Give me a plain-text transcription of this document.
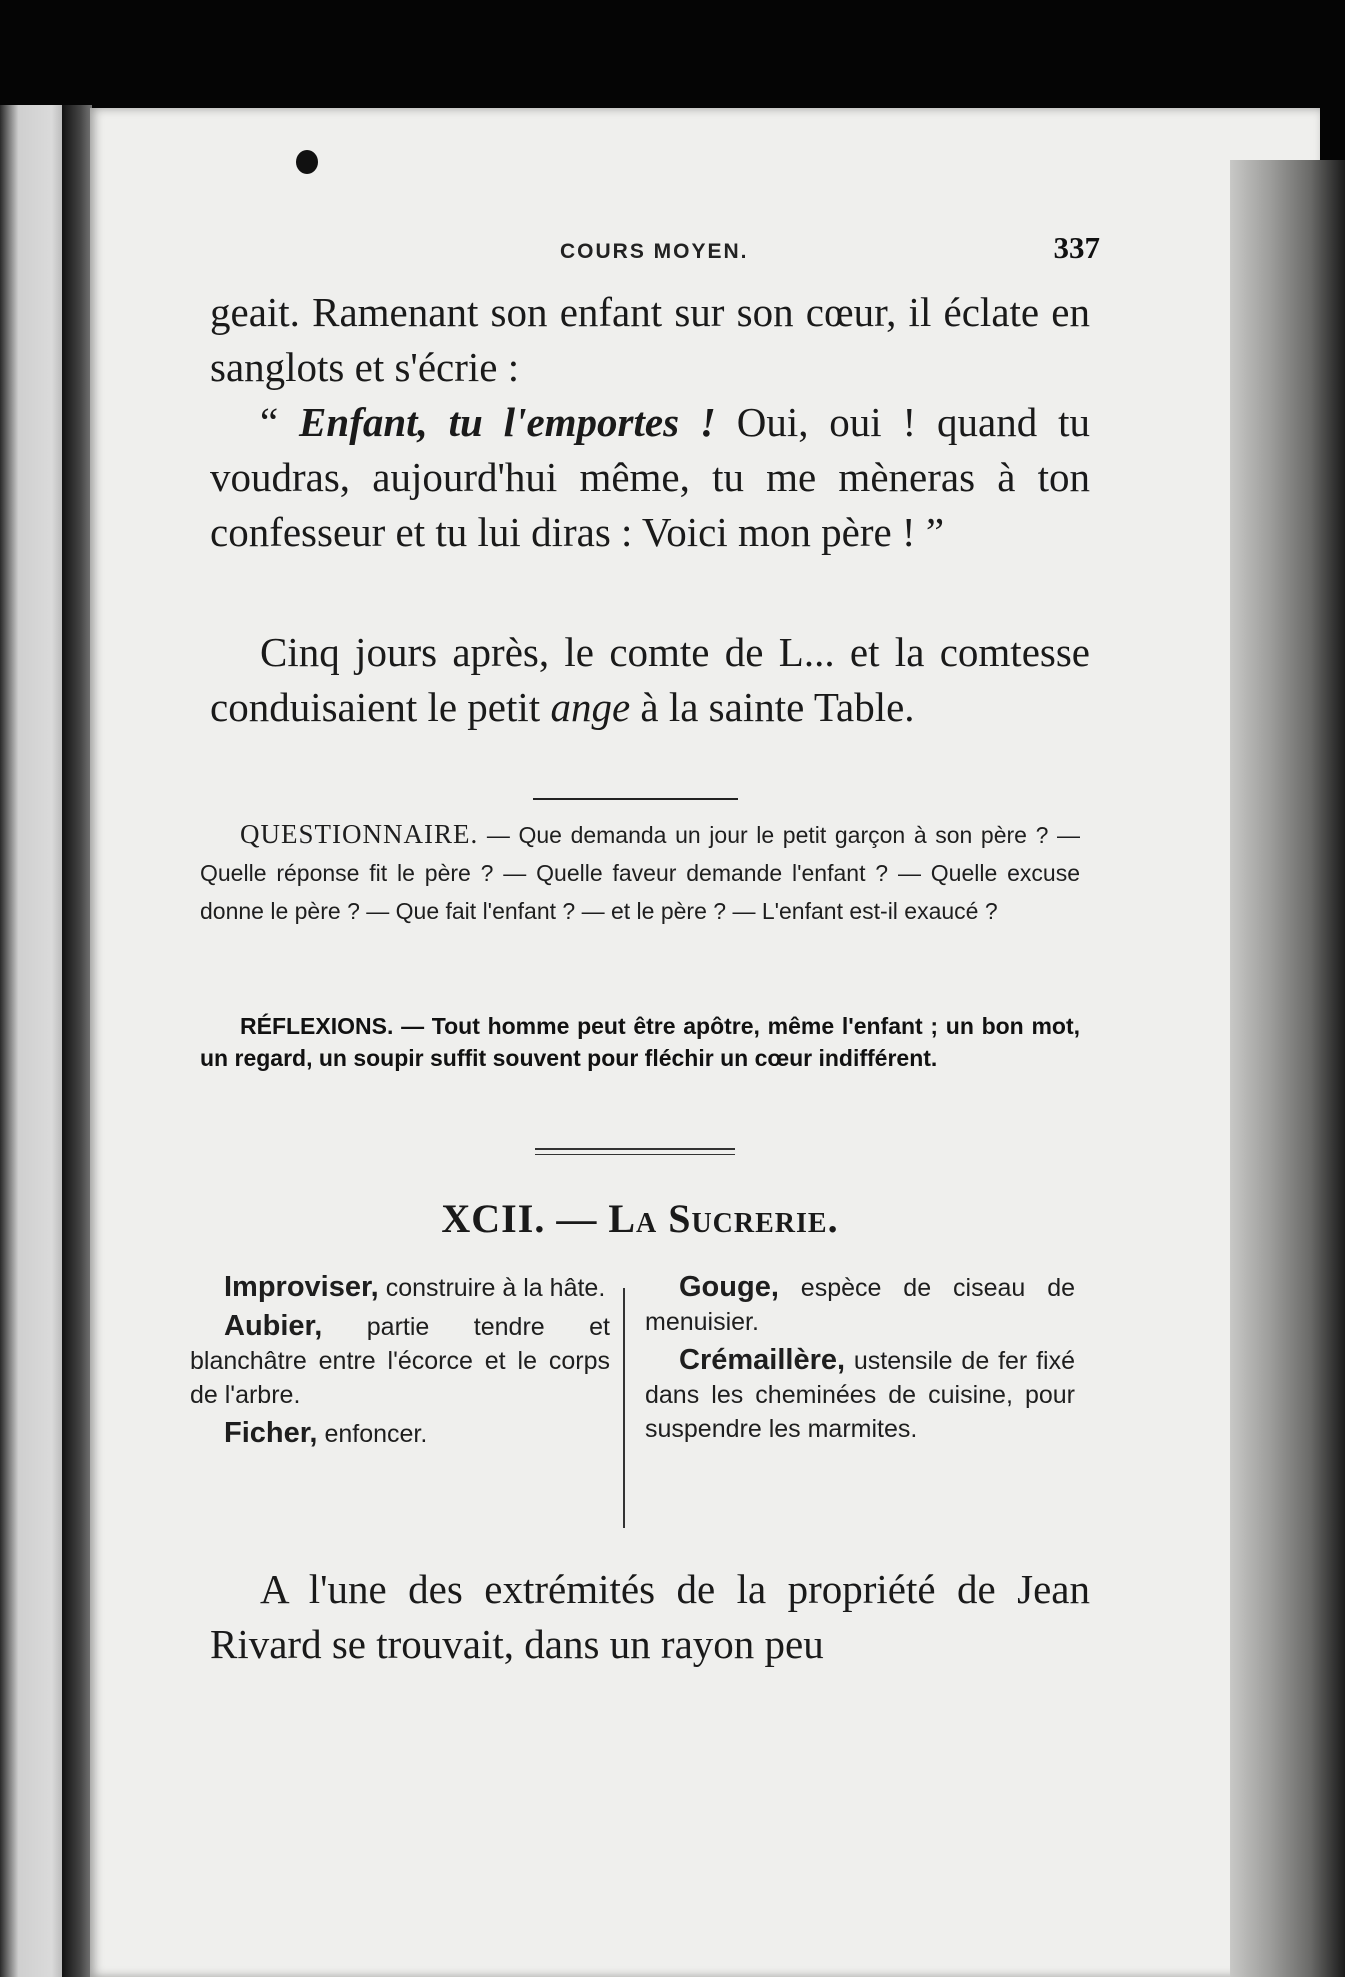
COURS MOYEN.	337

geait. Ramenant son enfant sur son cœur, il éclate en sanglots et s'écrie :
“ Enfant, tu l'emportes ! Oui, oui ! quand tu voudras, aujourd'hui même, tu me mèneras à ton confesseur et tu lui diras : Voici mon père ! ”

Cinq jours après, le comte de L... et la comtesse conduisaient le petit ange à la sainte Table.

QUESTIONNAIRE. — Que demanda un jour le petit garçon à son père ? — Quelle réponse fit le père ? — Quelle faveur demande l'enfant ? — Quelle excuse donne le père ? — Que fait l'enfant ? — et le père ? — L'enfant est-il exaucé ?

RÉFLEXIONS. — Tout homme peut être apôtre, même l'enfant ; un bon mot, un regard, un soupir suffit souvent pour fléchir un cœur indifférent.

XCII. — La Sucrerie.

Improviser, construire à la hâte.

Aubier, partie tendre et blanchâtre entre l'écorce et le corps de l'arbre.

Ficher, enfoncer.

Gouge, espèce de ciseau de menuisier.

Crémaillère, ustensile de fer fixé dans les cheminées de cuisine, pour suspendre les marmites.

A l'une des extrémités de la propriété de Jean Rivard se trouvait, dans un rayon peu
